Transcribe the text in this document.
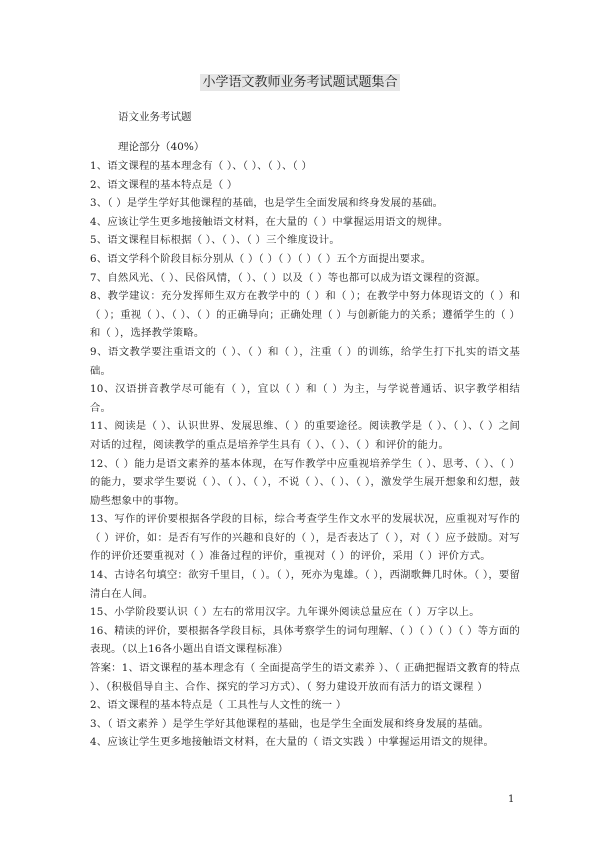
小学语文教师业务考试题试题集合
语文业务考试题
理论部分（40%）

1、语文课程的基本理念有（ ）、（ ）、（ ）、（ ）

2、语文课程的基本特点是（ ）

3、（ ）是学生学好其他课程的基础，也是学生全面发展和终身发展的基础。

4、应该让学生更多地接触语文材料，在大量的（ ）中掌握运用语文的规律。

5、语文课程目标根据（ ）、（ ）、（ ）三个维度设计。

6、语文学科个阶段目标分别从（ ）（ ）（ ）（ ）（ ）五个方面提出要求。

7、自然风光、（ ）、民俗风情，（ ）、（ ）以及（ ）等也都可以成为语文课程的资源。

8、教学建议：充分发挥师生双方在教学中的（ ）和（ ）；在教学中努力体现语文的（ ）和（ ）；重视（ ）、（ ）、（ ）的正确导向；正确处理（ ）与创新能力的关系；遵循学生的（ ）和（ ），选择教学策略。

9、语文教学要注重语文的（ ）、（ ）和（ ），注重（ ）的训练，给学生打下扎实的语文基础。

10、汉语拼音教学尽可能有（ ），宜以（ ）和（ ）为主，与学说普通话、识字教学相结合。

11、阅读是（ ）、认识世界、发展思维、（ ）的重要途径。阅读教学是（ ）、（ ）、（ ）之间对话的过程，阅读教学的重点是培养学生具有（ ）、（ ）、（ ）和评价的能力。

12、（ ）能力是语文素养的基本体现，在写作教学中应重视培养学生（ ）、思考、（ ）、（ ）的能力，要求学生要说（ ）、（ ）、（ ），不说（ ）、（ ）、（ ），激发学生展开想象和幻想，鼓励些想象中的事物。

13、写作的评价要根据各学段的目标，综合考查学生作文水平的发展状况，应重视对写作的（ ）评价，如：是否有写作的兴趣和良好的（ ），是否表达了（ ），对（ ）应予鼓励。对写作的评价还要重视对（ ）准备过程的评价，重视对（ ）的评价，采用（ ）评价方式。

14、古诗名句填空：欲穷千里目，（ ）。（ ），死亦为鬼雄。（ ），西湖歌舞几时休。（ ），要留清白在人间。

15、小学阶段要认识（ ）左右的常用汉字。九年课外阅读总量应在（ ）万字以上。

16、精读的评价，要根据各学段目标，具体考察学生的词句理解、（ ）（ ）（ ）（ ）等方面的表现。（以上16各小题出自语文课程标准）

答案：1、语文课程的基本理念有（ 全面提高学生的语文素养 ）、（ 正确把握语文教育的特点 ）、（积极倡导自主、合作、探究的学习方式）、（ 努力建设开放而有活力的语文课程 ）

2、语文课程的基本特点是（ 工具性与人文性的统一 ）

3、（ 语文素养 ）是学生学好其他课程的基础，也是学生全面发展和终身发展的基础。

4、应该让学生更多地接触语文材料，在大量的（ 语文实践 ）中掌握运用语文的规律。

1
